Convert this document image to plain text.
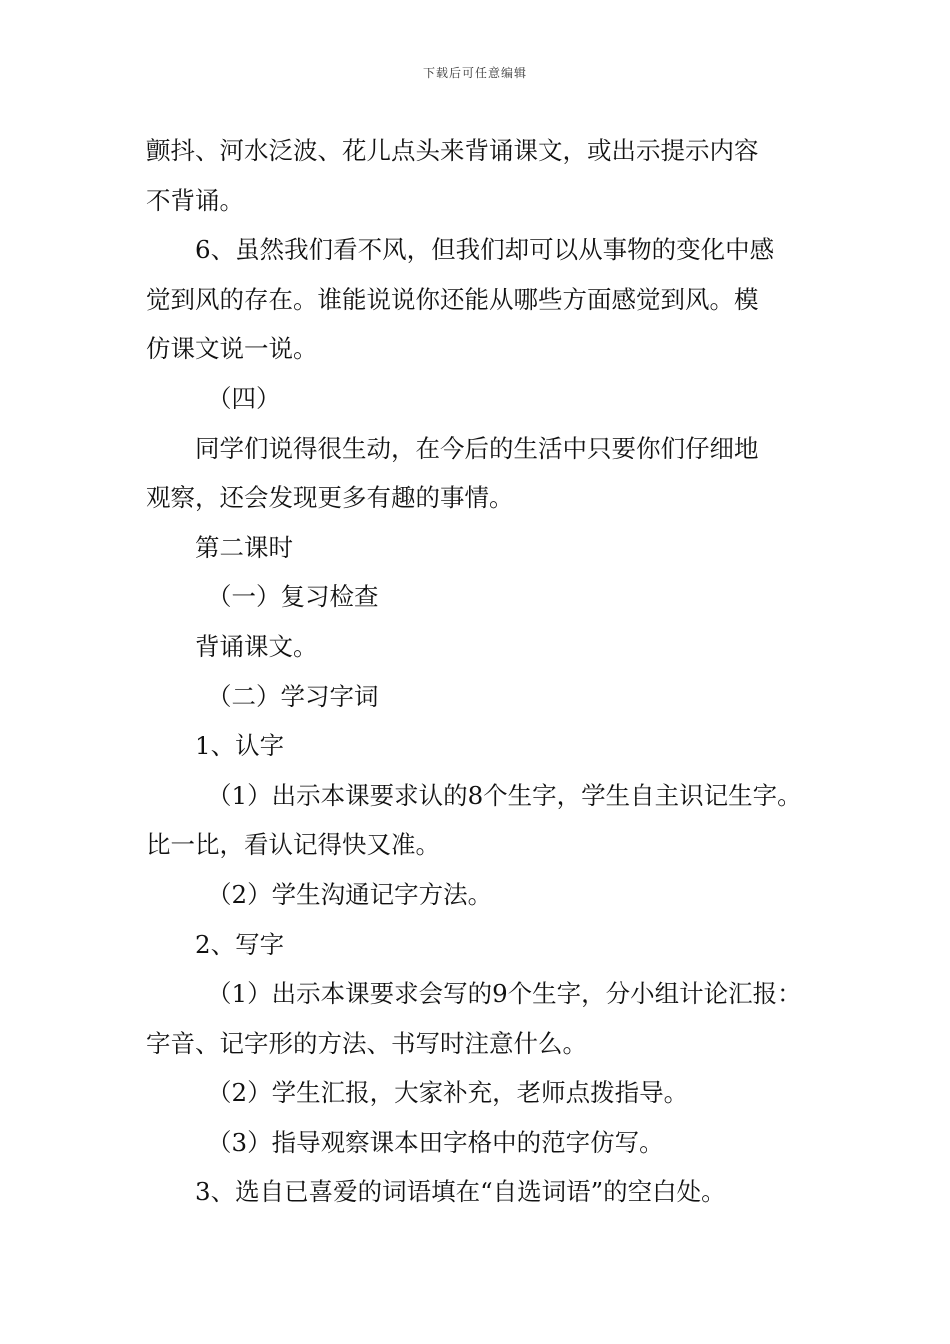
下载后可任意编辑
颤抖、河水泛波、花儿点头来背诵课文，或出示提示内容
不背诵。
6、虽然我们看不风，但我们却可以从事物的变化中感
觉到风的存在。谁能说说你还能从哪些方面感觉到风。模
仿课文说一说。
（四）
同学们说得很生动，在今后的生活中只要你们仔细地
观察，还会发现更多有趣的事情。
第二课时
（一）复习检查
背诵课文。
（二）学习字词
1、认字
（1）出示本课要求认的8个生字，学生自主识记生字。
比一比，看认记得快又准。
（2）学生沟通记字方法。
2、写字
（1）出示本课要求会写的9个生字，分小组计论汇报：
字音、记字形的方法、书写时注意什么。
（2）学生汇报，大家补充，老师点拨指导。
（3）指导观察课本田字格中的范字仿写。
3、选自已喜爱的词语填在“自选词语”的空白处。
